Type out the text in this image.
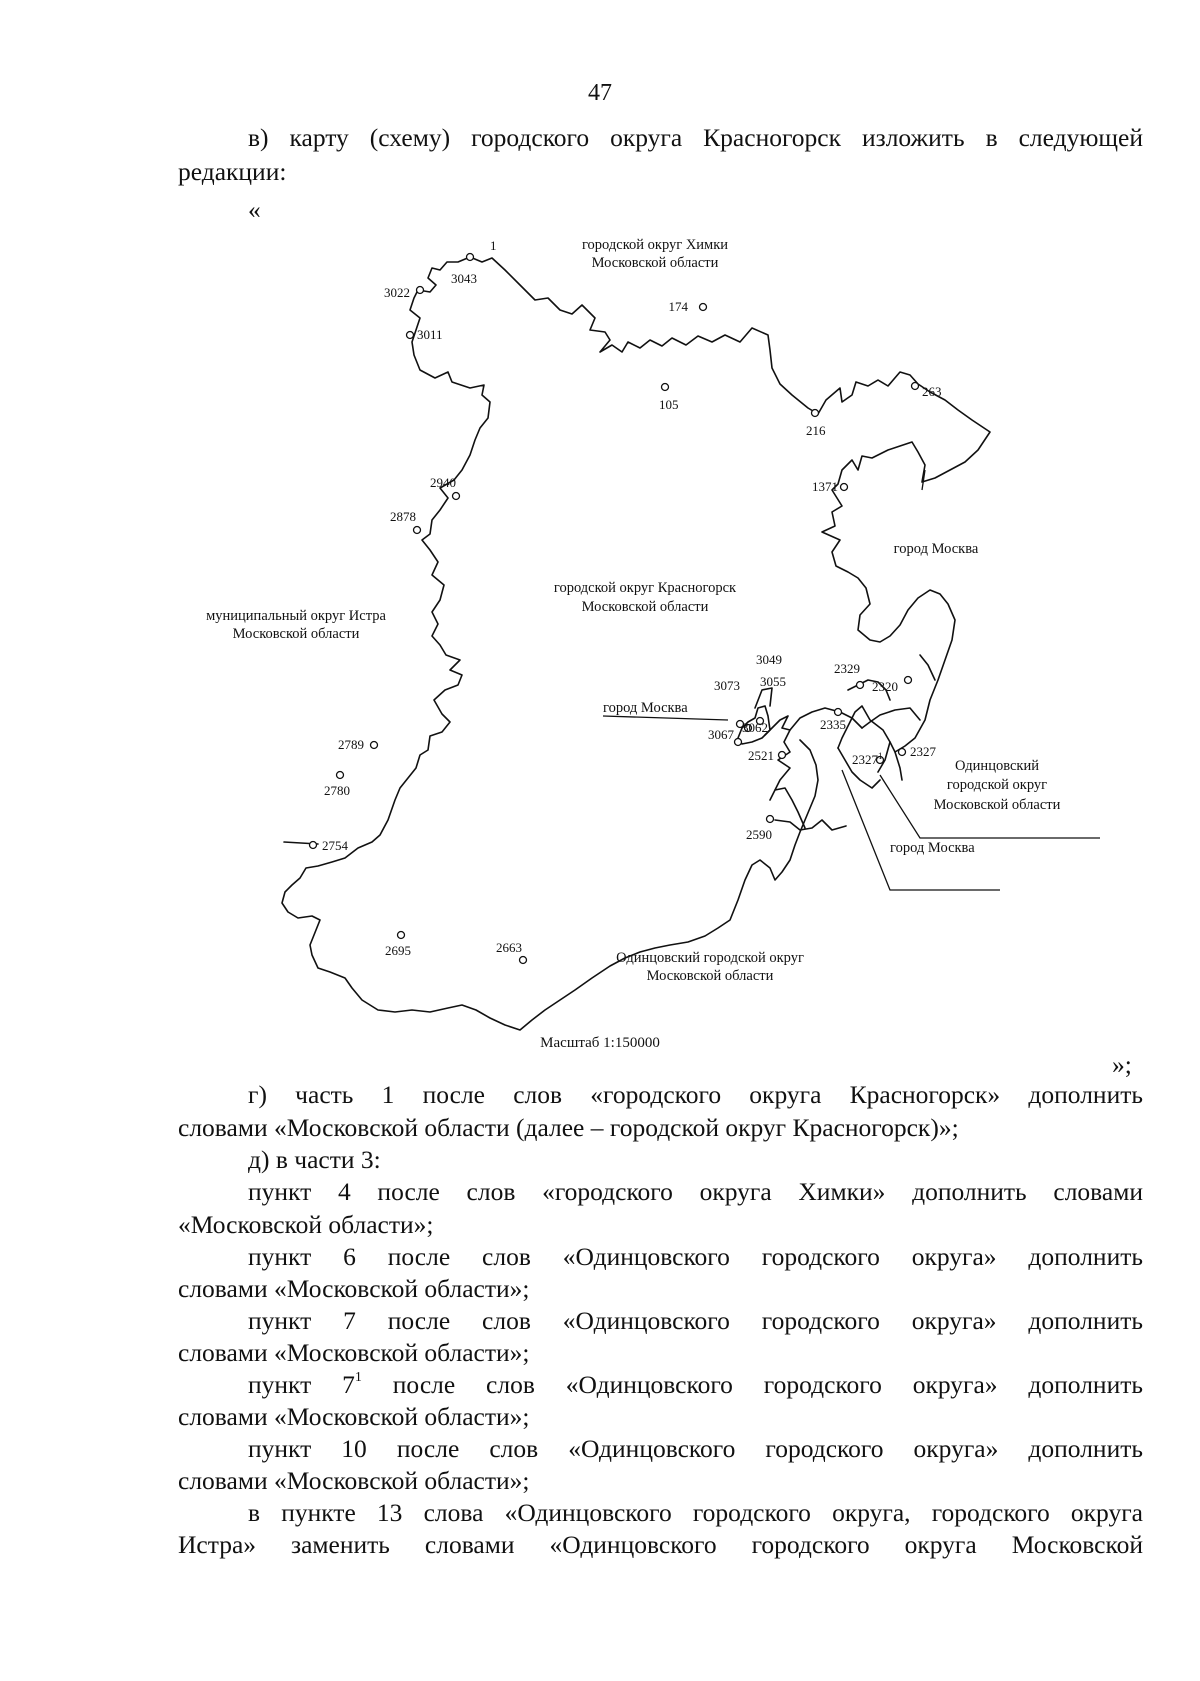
47
в) карту (схему) городского округа Красногорск изложить в следующей
редакции:
«
городской округ Химки
Московской области
городской округ Красногорск
Московской области
муниципальный округ Истра
Московской области
город Москва
город Москва
город Москва
Одинцовский
городской округ
Московской области
Одинцовский городской округ
Московской области
1
3043
3022
3011
174
105
216
263
1371
2940
2878
3049
3073 3055
3067 3062
2329
2320
2335
2521	2327
2327$^1$
2789
2780
2754
2590
2695	2663
Масштаб 1:150000
»;
г) часть 1 после слов «городского округа Красногорск» дополнить
словами «Московской области (далее – городской округ Красногорск)»;
д) в части 3:
пункт 4 после слов «городского округа Химки» дополнить словами
«Московской области»;
пункт 6 после слов «Одинцовского городского округа» дополнить
словами «Московской области»;
пункт 7 после слов «Одинцовского городского округа» дополнить
словами «Московской области»;
пункт $7^1$ после слов «Одинцовского городского округа» дополнить
словами «Московской области»;
пункт 10 после слов «Одинцовского городского округа» дополнить
словами «Московской области»;
в пункте 13 слова «Одинцовского городского округа, городского округа
Истра» заменить словами «Одинцовского городского округа Московской
